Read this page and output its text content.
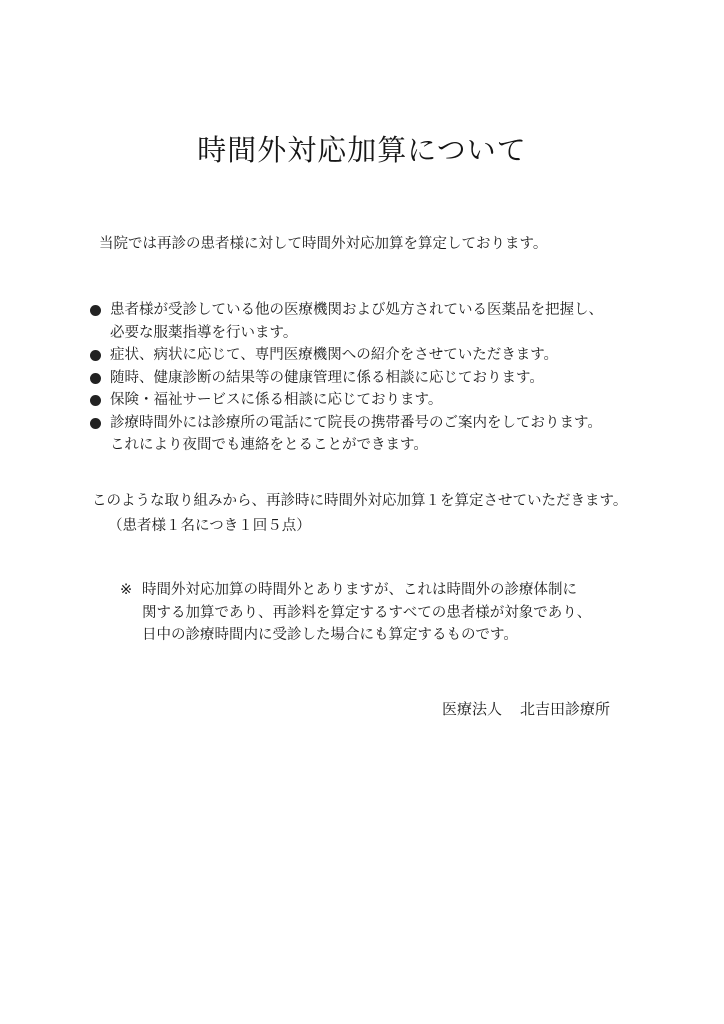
時間外対応加算について
当院では再診の患者様に対して時間外対応加算を算定しております。
患者様が受診している他の医療機関および処方されている医薬品を把握し、
必要な服薬指導を行います。
症状、病状に応じて、専門医療機関への紹介をさせていただきます。
随時、健康診断の結果等の健康管理に係る相談に応じております。
保険・福祉サービスに係る相談に応じております。
診療時間外には診療所の電話にて院長の携帯番号のご案内をしております。
これにより夜間でも連絡をとることができます。
このような取り組みから、再診時に時間外対応加算１を算定させていただきます。
（患者様１名につき１回５点）
※ 時間外対応加算の時間外とありますが、これは時間外の診療体制に
関する加算であり、再診料を算定するすべての患者様が対象であり、
日中の診療時間内に受診した場合にも算定するものです。
医療法人 北吉田診療所
